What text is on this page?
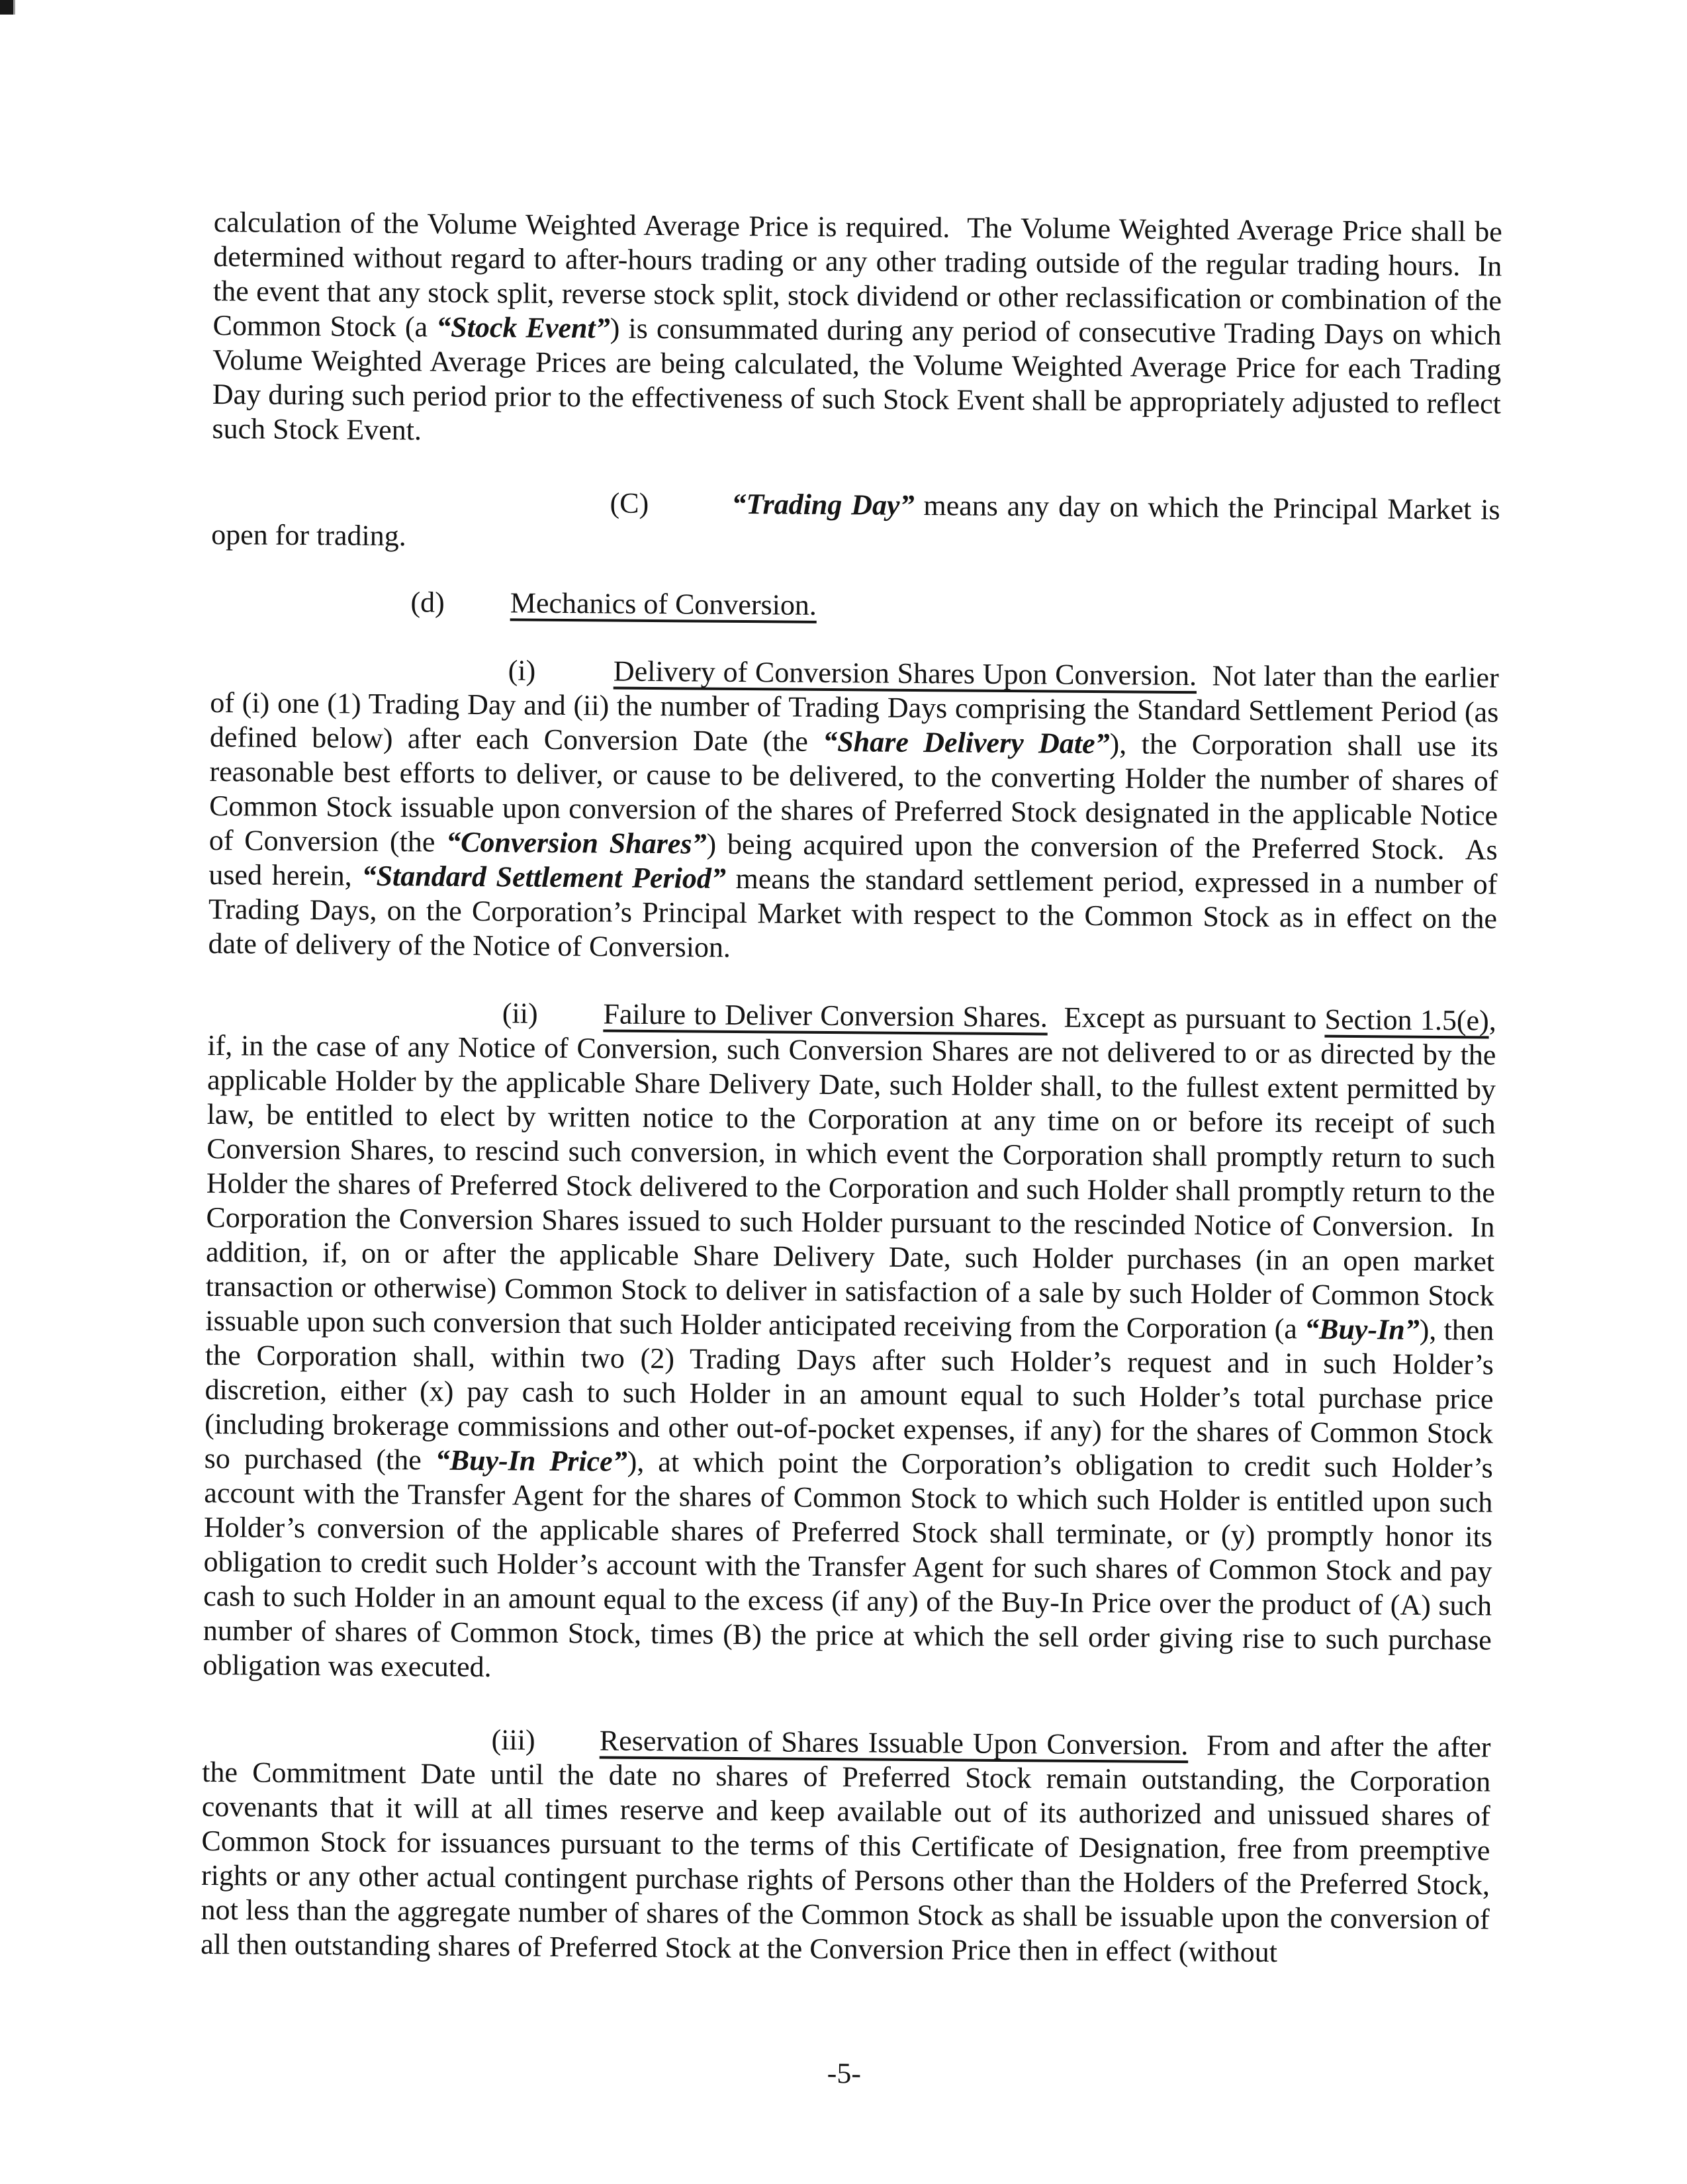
calculation of the Volume Weighted Average Price is required.  The Volume Weighted Average Price shall be determined without regard to after-hours trading or any other trading outside of the regular trading hours.  In the event that any stock split, reverse stock split, stock dividend or other reclassification or combination of the Common Stock (a “Stock Event”) is consummated during any period of consecutive Trading Days on which Volume Weighted Average Prices are being calculated, the Volume Weighted Average Price for each Trading Day during such period prior to the effectiveness of such Stock Event shall be appropriately adjusted to reflect such Stock Event.

(C)         “Trading Day” means any day on which the Principal Market is open for trading.

(d)         Mechanics of Conversion.

(i)          Delivery of Conversion Shares Upon Conversion.  Not later than the earlier of (i) one (1) Trading Day and (ii) the number of Trading Days comprising the Standard Settlement Period (as defined below) after each Conversion Date (the “Share Delivery Date”), the Corporation shall use its reasonable best efforts to deliver, or cause to be delivered, to the converting Holder the number of shares of Common Stock issuable upon conversion of the shares of Preferred Stock designated in the applicable Notice of Conversion (the “Conversion Shares”) being acquired upon the conversion of the Preferred Stock.  As used herein, “Standard Settlement Period” means the standard settlement period, expressed in a number of Trading Days, on the Corporation’s Principal Market with respect to the Common Stock as in effect on the date of delivery of the Notice of Conversion.

(ii)        Failure to Deliver Conversion Shares.  Except as pursuant to Section 1.5(e), if, in the case of any Notice of Conversion, such Conversion Shares are not delivered to or as directed by the applicable Holder by the applicable Share Delivery Date, such Holder shall, to the fullest extent permitted by law, be entitled to elect by written notice to the Corporation at any time on or before its receipt of such Conversion Shares, to rescind such conversion, in which event the Corporation shall promptly return to such Holder the shares of Preferred Stock delivered to the Corporation and such Holder shall promptly return to the Corporation the Conversion Shares issued to such Holder pursuant to the rescinded Notice of Conversion.  In addition, if, on or after the applicable Share Delivery Date, such Holder purchases (in an open market transaction or otherwise) Common Stock to deliver in satisfaction of a sale by such Holder of Common Stock issuable upon such conversion that such Holder anticipated receiving from the Corporation (a “Buy-In”), then the Corporation shall, within two (2) Trading Days after such Holder’s request and in such Holder’s discretion, either (x) pay cash to such Holder in an amount equal to such Holder’s total purchase price (including brokerage commissions and other out-of-pocket expenses, if any) for the shares of Common Stock so purchased (the “Buy-In Price”), at which point the Corporation’s obligation to credit such Holder’s account with the Transfer Agent for the shares of Common Stock to which such Holder is entitled upon such Holder’s conversion of the applicable shares of Preferred Stock shall terminate, or (y) promptly honor its obligation to credit such Holder’s account with the Transfer Agent for such shares of Common Stock and pay cash to such Holder in an amount equal to the excess (if any) of the Buy-In Price over the product of (A) such number of shares of Common Stock, times (B) the price at which the sell order giving rise to such purchase obligation was executed.

(iii)       Reservation of Shares Issuable Upon Conversion.  From and after the after the Commitment Date until the date no shares of Preferred Stock remain outstanding, the Corporation covenants that it will at all times reserve and keep available out of its authorized and unissued shares of Common Stock for issuances pursuant to the terms of this Certificate of Designation, free from preemptive rights or any other actual contingent purchase rights of Persons other than the Holders of the Preferred Stock, not less than the aggregate number of shares of the Common Stock as shall be issuable upon the conversion of all then outstanding shares of Preferred Stock at the Conversion Price then in effect (without

-5-
